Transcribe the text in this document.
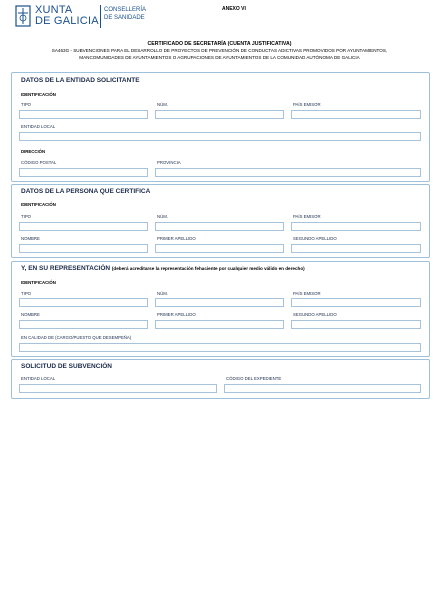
XUNTA
DE GALICIA
CONSELLERÍA
DE SANIDADE
ANEXO VI
CERTIFICADO DE SECRETARÍA (CUENTA JUSTIFICATIVA)
SA463G - SUBVENCIONES PARA EL DESARROLLO DE PROYECTOS DE PREVENCIÓN DE CONDUCTAS ADICTIVAS PROMOVIDOS POR AYUNTAMIENTOS,
MANCOMUNIDADES DE AYUNTAMIENTOS O AGRUPACIONES DE AYUNTAMIENTOS DE LA COMUNIDAD AUTÓNOMA DE GALICIA
DATOS DE LA ENTIDAD SOLICITANTE
IDENTIFICACIÓN
TIPO	NÚM.	PAÍS EMISOR
ENTIDAD LOCAL
DIRECCIÓN
CÓDIGO POSTAL	PROVINCIA
DATOS DE LA PERSONA QUE CERTIFICA
IDENTIFICACIÓN
TIPO	NÚM.	PAÍS EMISOR
NOMBRE	PRIMER APELLIDO	SEGUNDO APELLIDO
Y, EN SU REPRESENTACIÓN (deberá acreditarse la representación fehaciente por cualquier medio válido en derecho)
IDENTIFICACIÓN
TIPO	NÚM.	PAÍS EMISOR
NOMBRE	PRIMER APELLIDO	SEGUNDO APELLIDO
EN CALIDAD DE (CARGO/PUESTO QUE DESEMPEÑA)
SOLICITUD DE SUBVENCIÓN
ENTIDAD LOCAL	CÓDIGO DEL EXPEDIENTE
